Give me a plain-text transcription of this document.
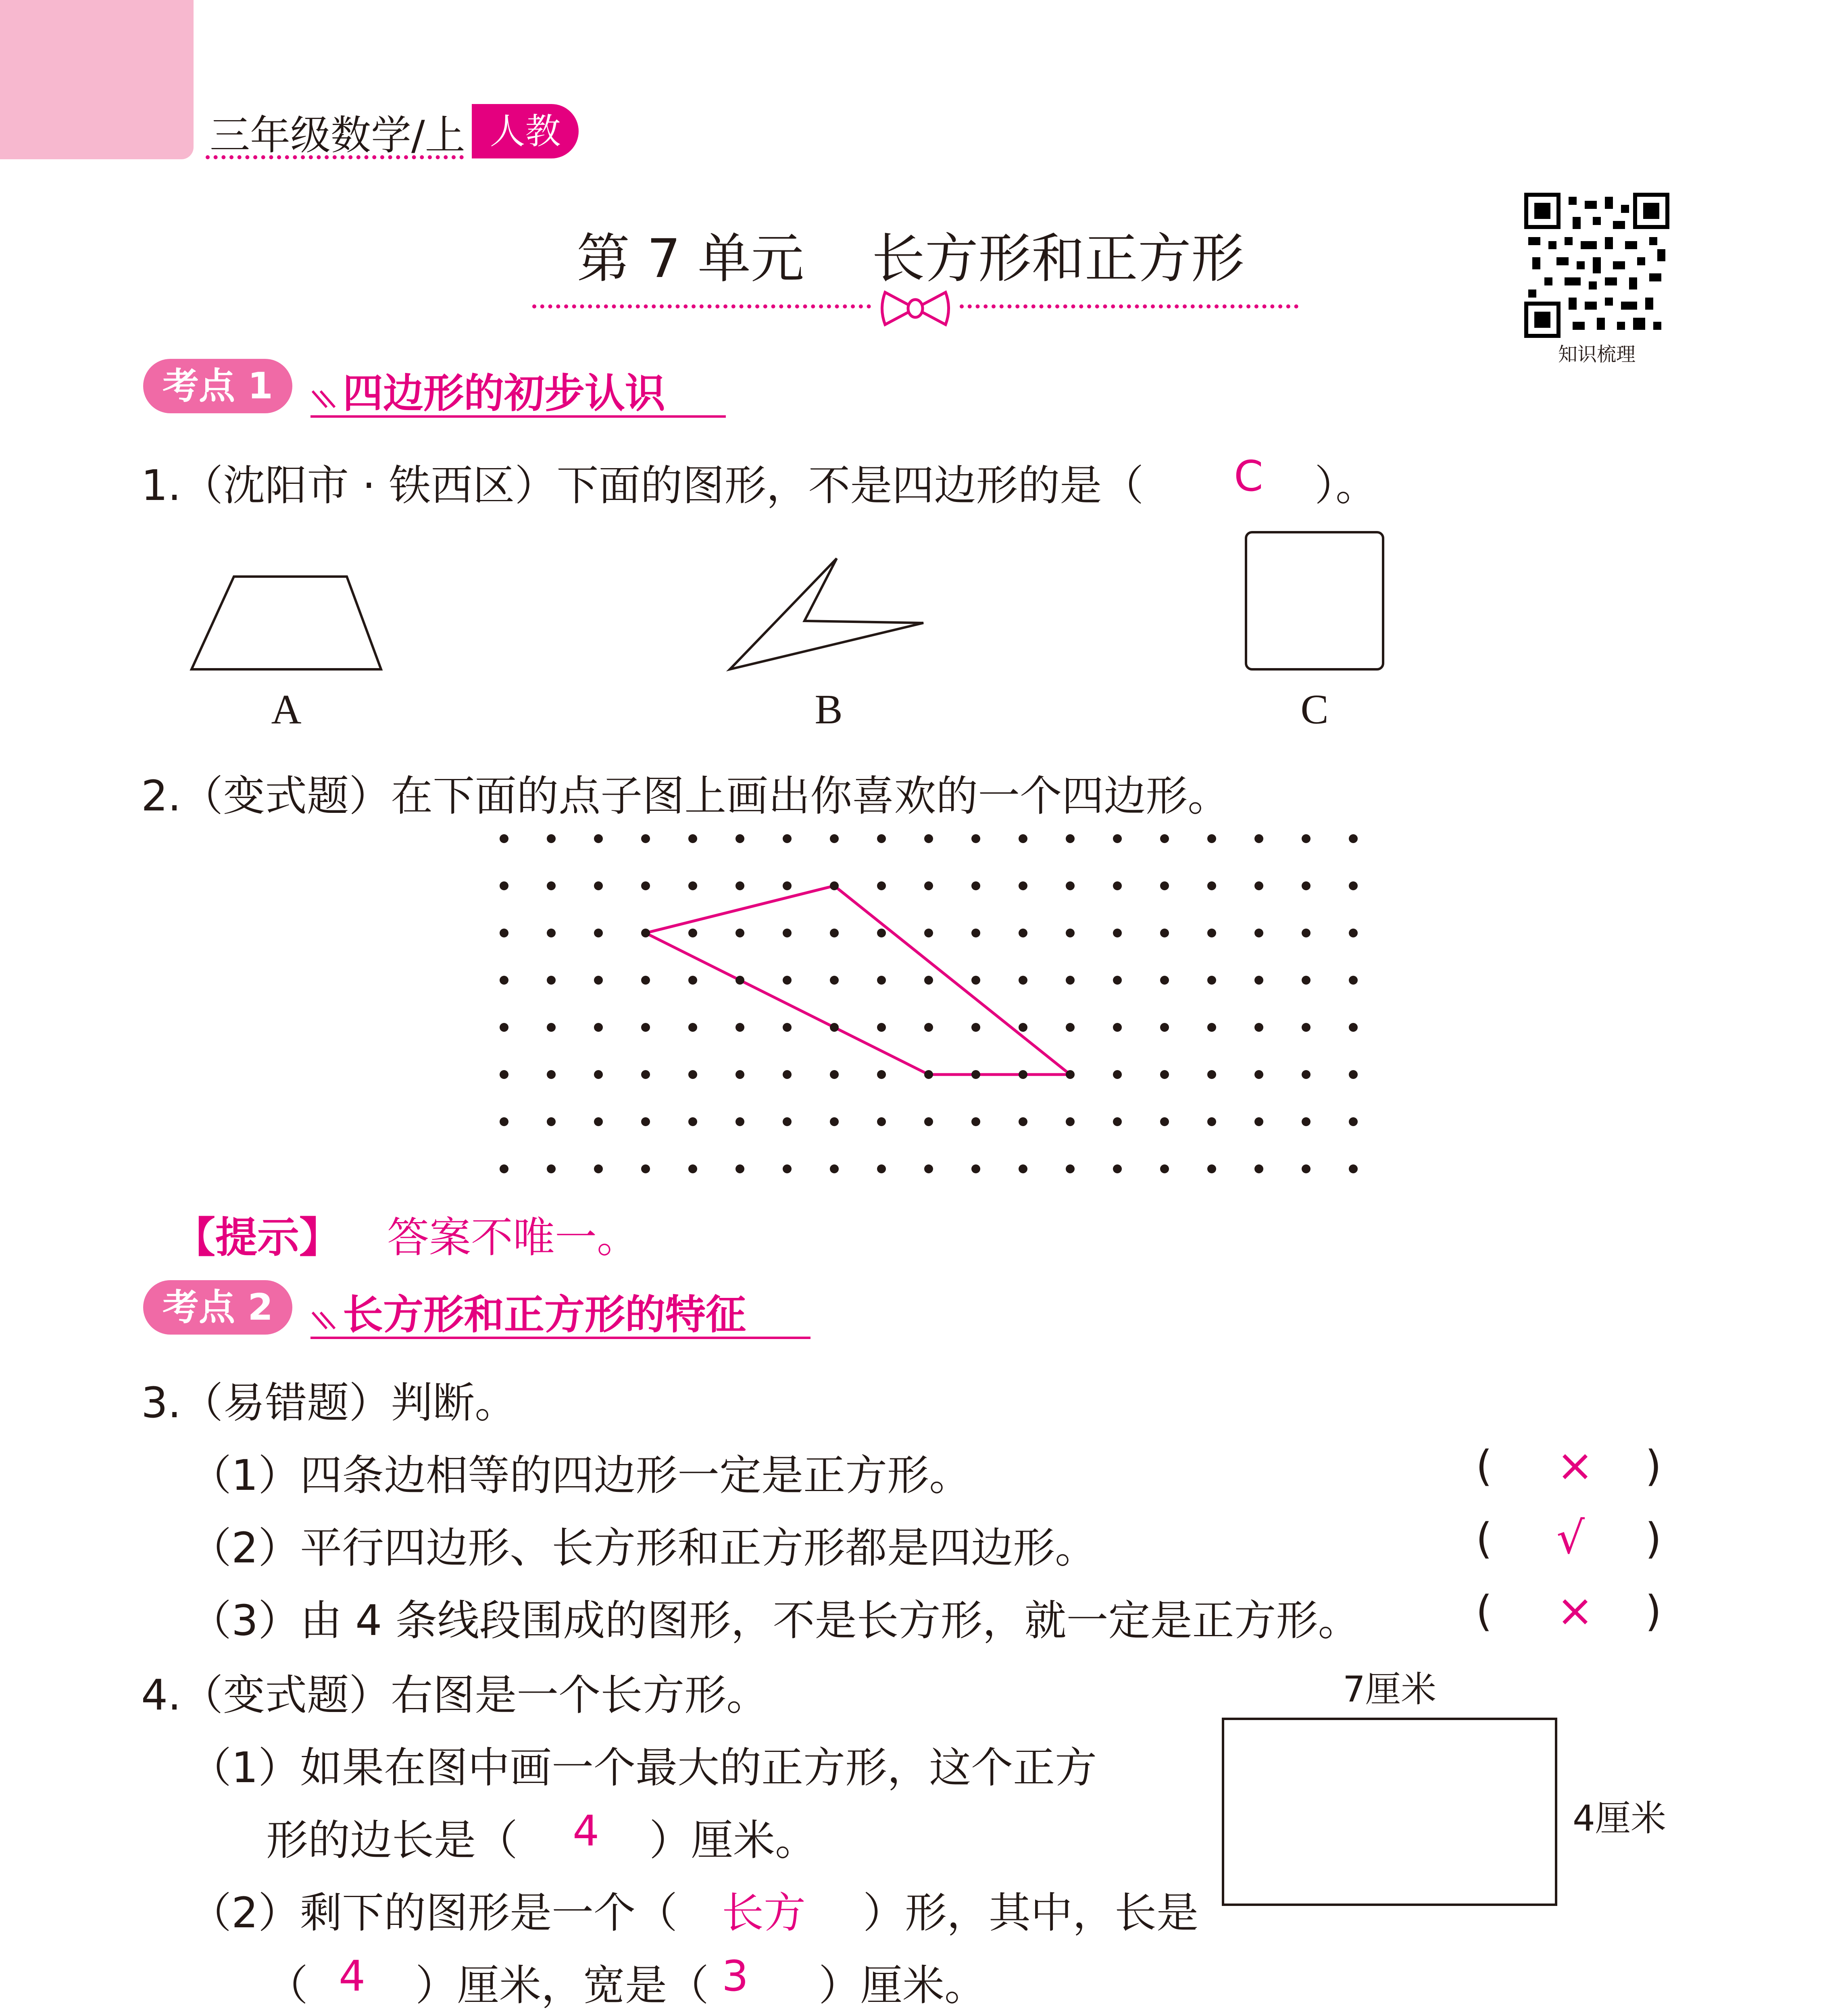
三年级数学/上 人教
第 7 单元    长方形和正方形
知识梳理
考点 1	四边形的初步认识
1.（沈阳市 · 铁西区）下面的图形，不是四边形的是（ C ）。
A	B	C
2.（变式题）在下面的点子图上画出你喜欢的一个四边形。
【提示】 答案不唯一。
考点 2	长方形和正方形的特征
3.（易错题）判断。
（1）四条边相等的四边形一定是正方形。	( × )
（2）平行四边形、长方形和正方形都是四边形。	( √ )
（3）由 4 条线段围成的图形，不是长方形，就一定是正方形。	( × )
4.（变式题）右图是一个长方形。
（1）如果在图中画一个最大的正方形，这个正方
形的边长是（ 4 ）厘米。
（2）剩下的图形是一个（ 长方 ）形，其中，长是
（ 4 ）厘米，宽是（ 3 ）厘米。
7厘米
4厘米
